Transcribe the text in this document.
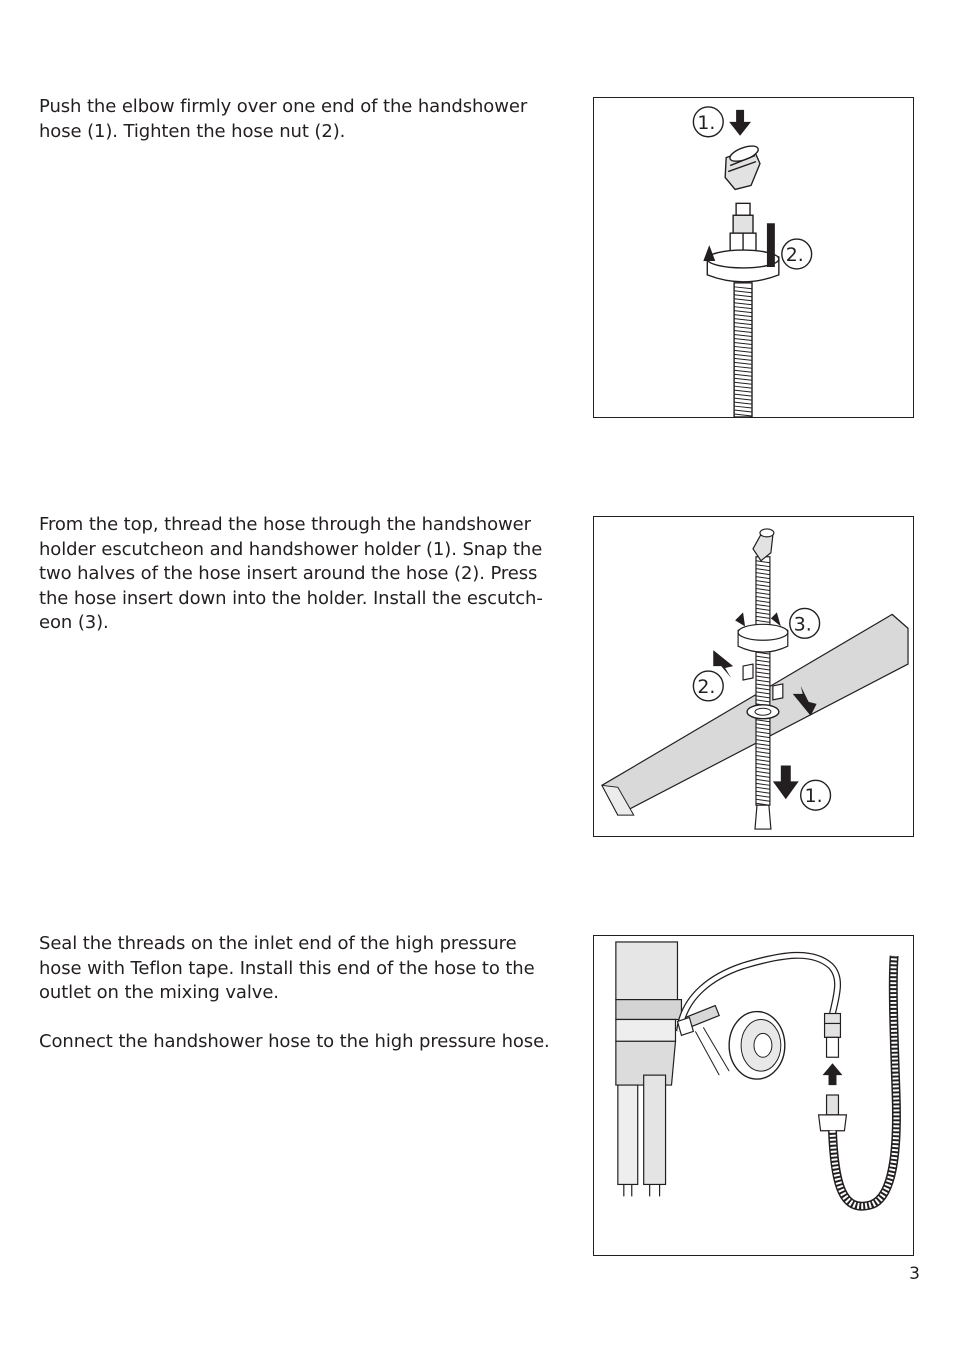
Push the elbow firmly over one end of the handshower hose (1). Tighten the hose nut (2).	1.
2.

From the top, thread the hose through the handshower holder escutcheon and handshower holder (1). Snap the two halves of the hose insert around the hose (2). Press the hose insert down into the holder. Install the escutch-eon (3).	3.
2.
1.

Seal the threads on the inlet end of the high pressure hose with Teflon tape. Install this end of the hose to the outlet on the mixing valve.

Connect the handshower hose to the high pressure hose.

3
